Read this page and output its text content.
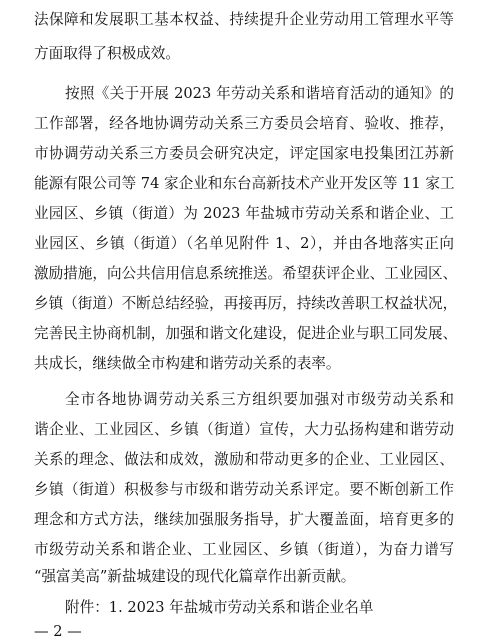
法保障和发展职工基本权益、持续提升企业劳动用工管理水平等
方面取得了积极成效。
按照《关于开展 2023 年劳动关系和谐培育活动的通知》的
工作部署，经各地协调劳动关系三方委员会培育、验收、推荐，
市协调劳动关系三方委员会研究决定，评定国家电投集团江苏新
能源有限公司等 74 家企业和东台高新技术产业开发区等 11 家工
业园区、乡镇（街道）为 2023 年盐城市劳动关系和谐企业、工
业园区、乡镇（街道）（名单见附件 1、2），并由各地落实正向
激励措施，向公共信用信息系统推送。希望获评企业、工业园区、
乡镇（街道）不断总结经验，再接再厉，持续改善职工权益状况，
完善民主协商机制，加强和谐文化建设，促进企业与职工同发展、
共成长，继续做全市构建和谐劳动关系的表率。
附件：1. 2023 年盐城市劳动关系和谐企业名单
— 2 —
全市各地协调劳动关系三方组织要加强对市级劳动关系和
谐企业、工业园区、乡镇（街道）宣传，大力弘扬构建和谐劳动
关系的理念、做法和成效，激励和带动更多的企业、工业园区、
乡镇（街道）积极参与市级和谐劳动关系评定。要不断创新工作
理念和方式方法，继续加强服务指导，扩大覆盖面，培育更多的
市级劳动关系和谐企业、工业园区、乡镇（街道），为奋力谱写
“强富美高”新盐城建设的现代化篇章作出新贡献。
